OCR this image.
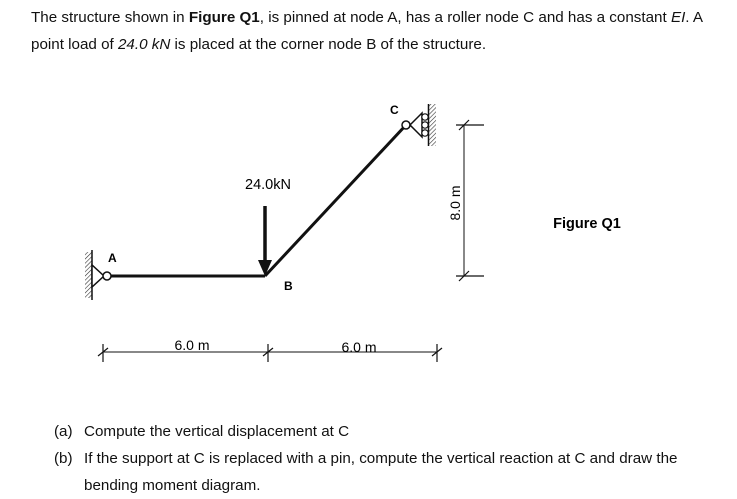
The structure shown in Figure Q1, is pinned at node A, has a roller node C and has a constant EI. A point load of 24.0 kN is placed at the corner node B of the structure.

24.0kN
A
B
C
6.0 m	6.0 m
8.0 m
Figure Q1
(a) Compute the vertical displacement at C
(b) If the support at C is replaced with a pin, compute the vertical reaction at C and draw the bending moment diagram.
